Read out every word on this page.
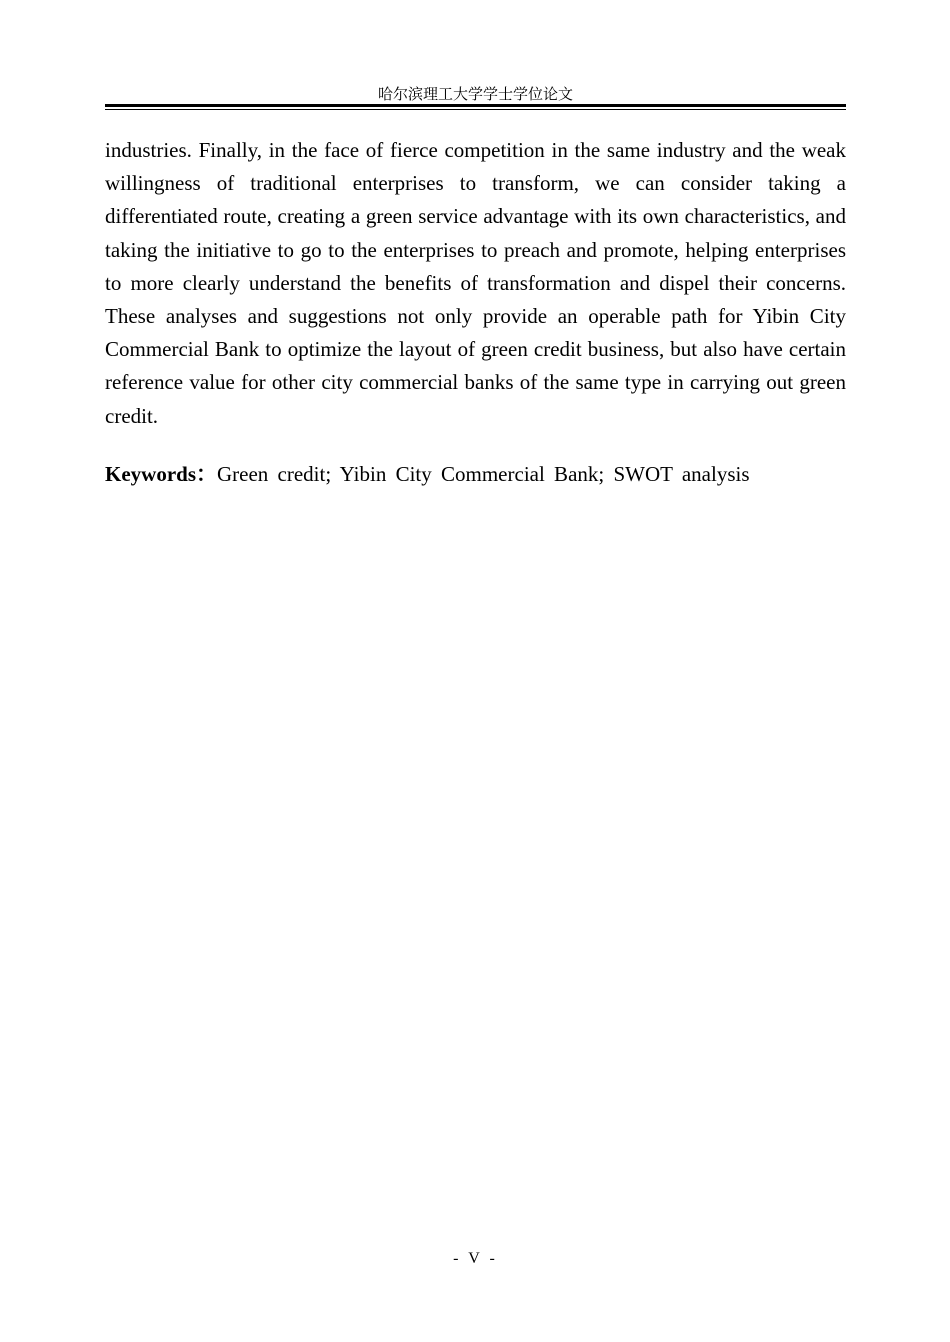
哈尔滨理工大学学士学位论文

industries. Finally, in the face of fierce competition in the same industry and the weak willingness of traditional enterprises to transform, we can consider taking a differentiated route, creating a green service advantage with its own characteristics, and taking the initiative to go to the enterprises to preach and promote, helping enterprises to more clearly understand the benefits of transformation and dispel their concerns. These analyses and suggestions not only provide an operable path for Yibin City Commercial Bank to optimize the layout of green credit business, but also have certain reference value for other city commercial banks of the same type in carrying out green credit.

Keywords：Green credit; Yibin City Commercial Bank; SWOT analysis

- V -
